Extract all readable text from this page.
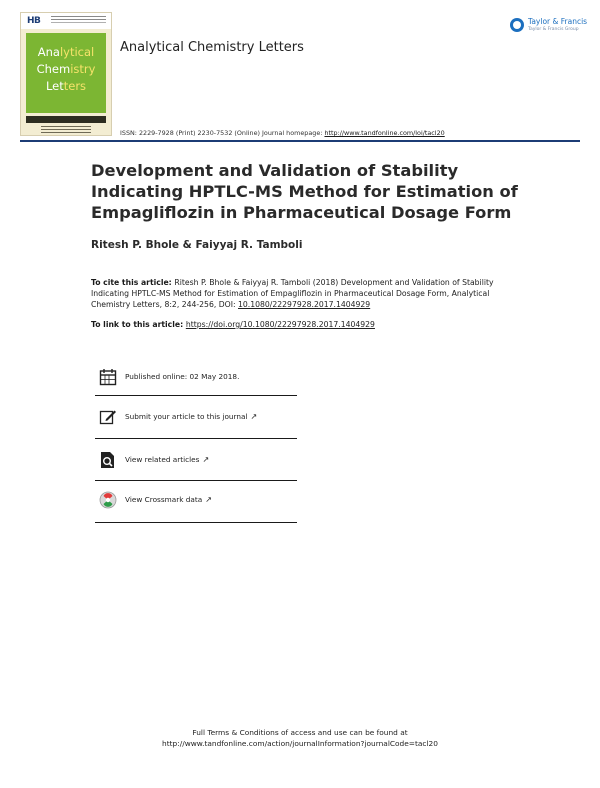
HB
Analytical
Chemistry
Letters
Analytical Chemistry Letters
Taylor & Francis
Taylor & Francis Group
ISSN: 2229-7928 (Print) 2230-7532 (Online) Journal homepage: http://www.tandfonline.com/loi/tacl20
Development and Validation of Stability Indicating HPTLC-MS Method for Estimation of Empagliflozin in Pharmaceutical Dosage Form
Ritesh P. Bhole & Faiyyaj R. Tamboli
To cite this article: Ritesh P. Bhole & Faiyyaj R. Tamboli (2018) Development and Validation of Stability Indicating HPTLC-MS Method for Estimation of Empagliflozin in Pharmaceutical Dosage Form, Analytical Chemistry Letters, 8:2, 244-256, DOI: 10.1080/22297928.2017.1404929
To link to this article: https://doi.org/10.1080/22297928.2017.1404929
Published online: 02 May 2018.
Submit your article to this journal ↗
View related articles ↗
View Crossmark data ↗
Full Terms & Conditions of access and use can be found at
http://www.tandfonline.com/action/journalInformation?journalCode=tacl20
